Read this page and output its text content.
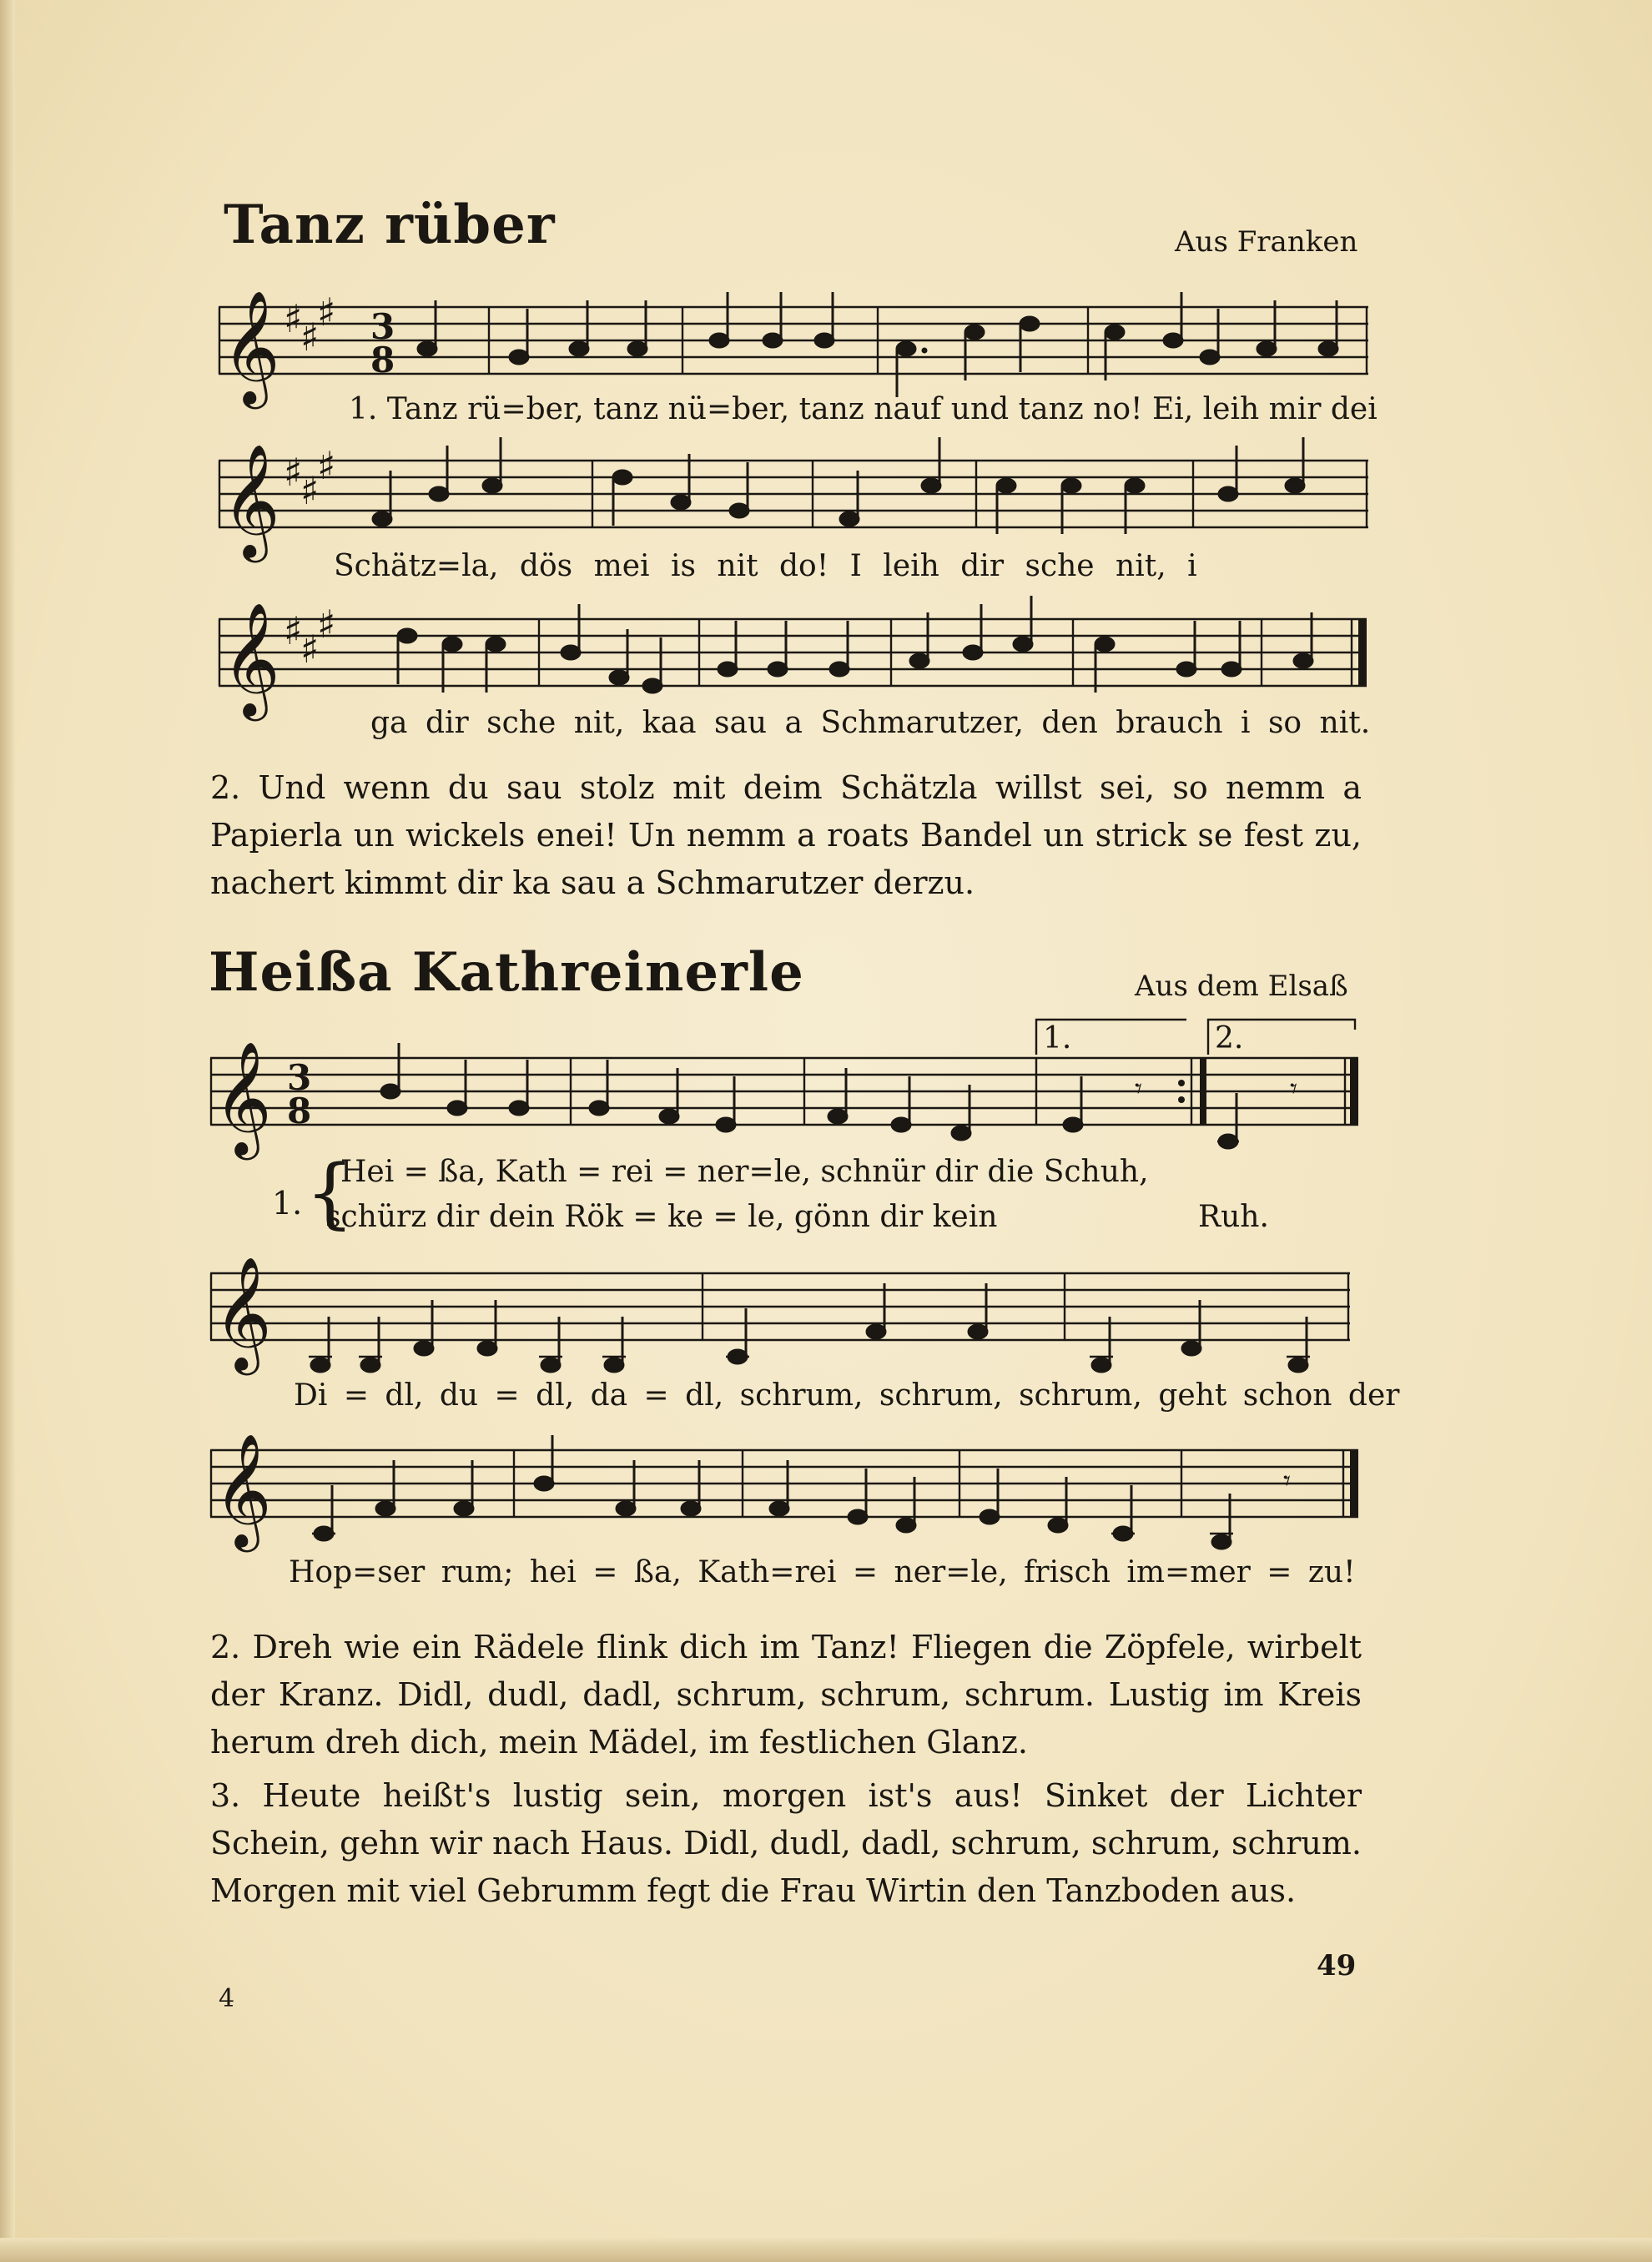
Tanz rüber	Aus Franken
𝄞 ♯
♯
♯ 3
8
1. Tanz rü=ber, tanz nü=ber, tanz nauf und tanz no! Ei, leih mir dei
𝄞 ♯
♯
♯
Schätz=la, dös mei is nit do! I leih dir sche nit, i
𝄞 ♯
♯
♯
ga dir sche nit, kaa sau a Schmarutzer, den brauch i so nit.

2. Und wenn du sau stolz mit deim Schätzla willst sei, so nemm a Papierla un wickels enei! Un nemm a roats Bandel un strick se fest zu, nachert kimmt dir ka sau a Schmarutzer derzu.

Heißa Kathreinerle	Aus dem Elsaß
1.	2.
𝄞 3
8
𝄾	𝄾
1. {
Hei = ßa, Kath = rei = ner=le, schnür dir die Schuh,
schürz dir dein Rök = ke = le, gönn dir kein	Ruh.
𝄞
Di = dl, du = dl, da = dl, schrum, schrum, schrum, geht schon der
𝄞	𝄾
Hop=ser rum; hei = ßa, Kath=rei = ner=le, frisch im=mer = zu!

2. Dreh wie ein Rädele flink dich im Tanz! Fliegen die Zöpfele, wirbelt der Kranz. Didl, dudl, dadl, schrum, schrum, schrum. Lustig im Kreis herum dreh dich, mein Mädel, im festlichen Glanz.

3. Heute heißt's lustig sein, morgen ist's aus! Sinket der Lichter Schein, gehn wir nach Haus. Didl, dudl, dadl, schrum, schrum, schrum. Morgen mit viel Gebrumm fegt die Frau Wirtin den Tanzboden aus.

49
4
